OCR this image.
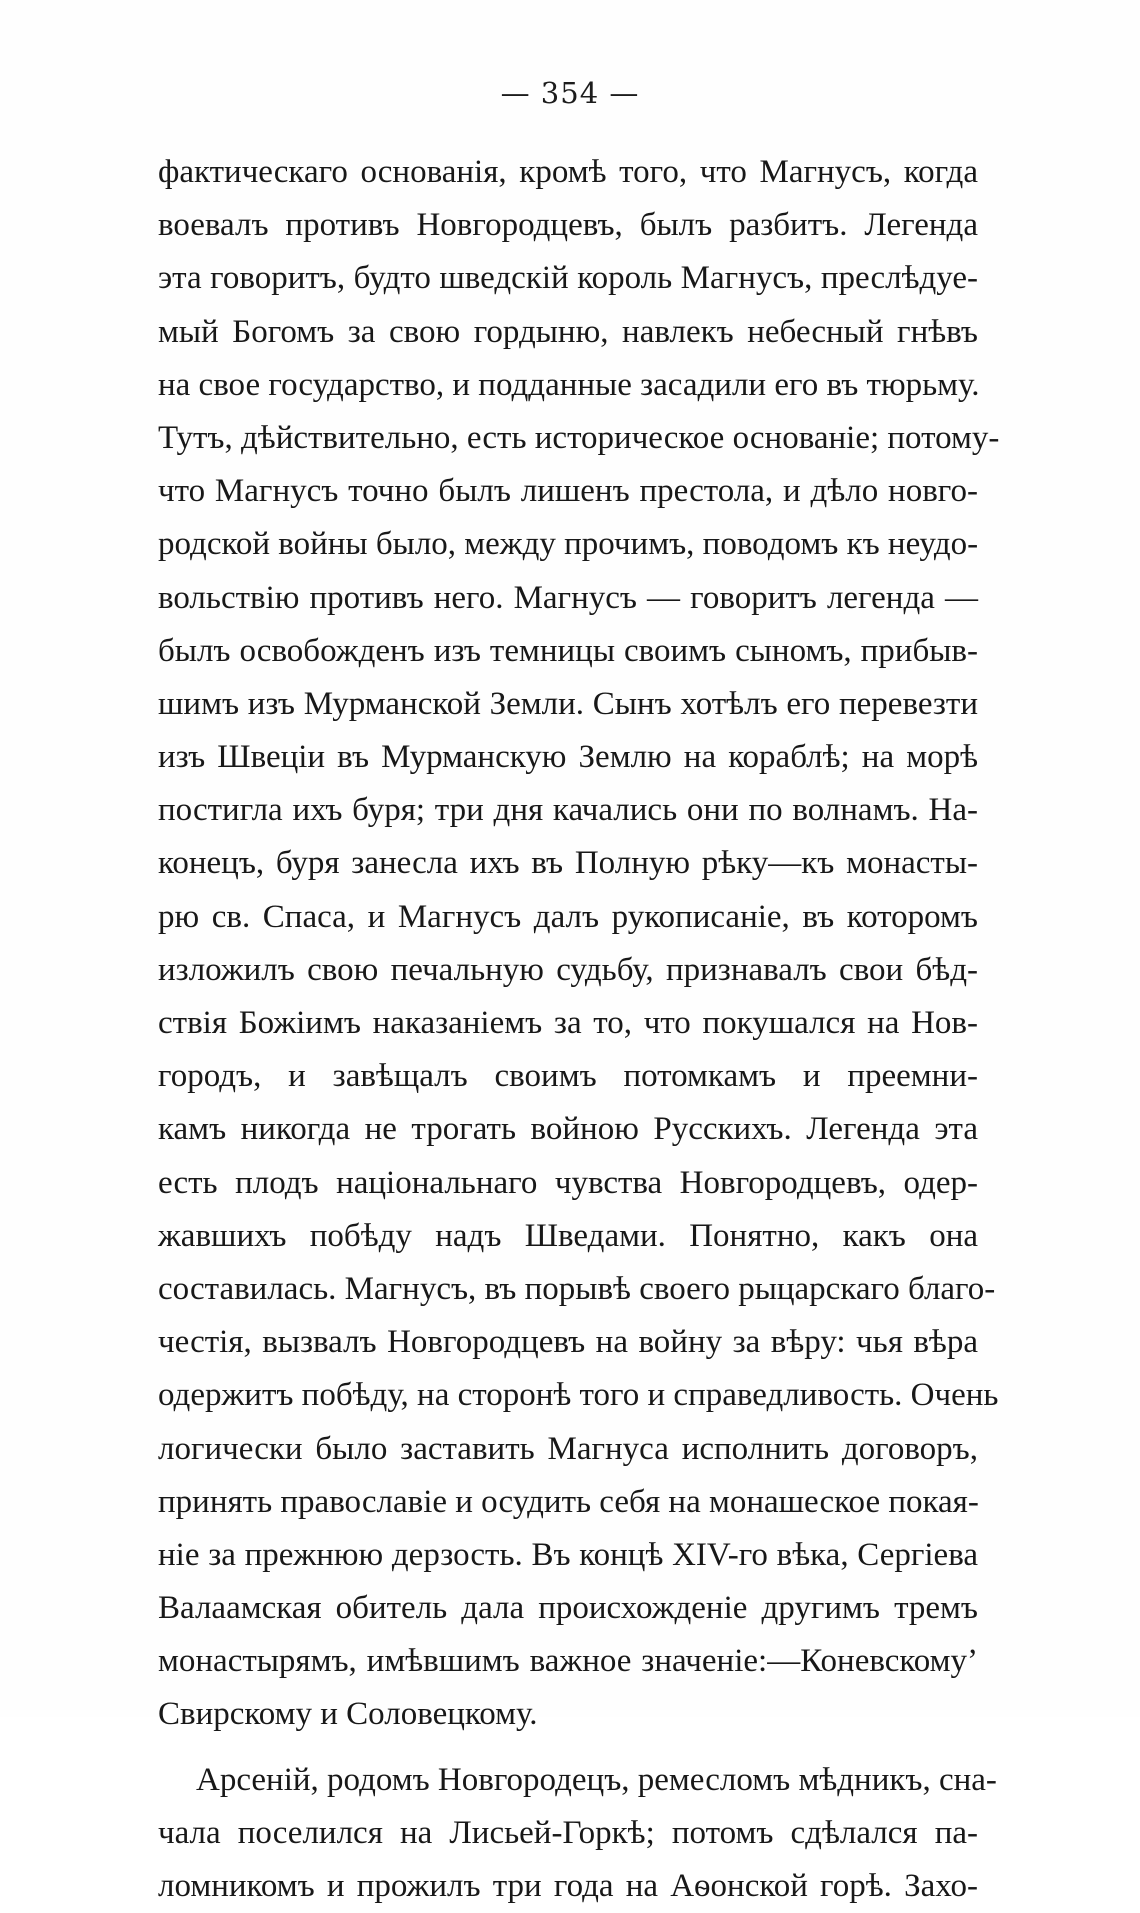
— 354 —
фактическаго основанія, кромѣ того, что Магнусъ, когда
воевалъ противъ Новгородцевъ, былъ разбитъ. Легенда
эта говоритъ, будто шведскій король Магнусъ, преслѣдуе-
мый Богомъ за свою гордыню, навлекъ небесный гнѣвъ
на свое государство, и подданные засадили его въ тюрьму.
Тутъ, дѣйствительно, есть историческое основаніе; потому-
что Магнусъ точно былъ лишенъ престола, и дѣло новго-
родской войны было, между прочимъ, поводомъ къ неудо-
вольствію противъ него. Магнусъ — говоритъ легенда —
былъ освобожденъ изъ темницы своимъ сыномъ, прибыв-
шимъ изъ Мурманской Земли. Сынъ хотѣлъ его перевезти
изъ Швеціи въ Мурманскую Землю на кораблѣ; на морѣ
постигла ихъ буря; три дня качались они по волнамъ. На-
конецъ, буря занесла ихъ въ Полную рѣку—къ монасты-
рю св. Спаса, и Магнусъ далъ рукописаніе, въ которомъ
изложилъ свою печальную судьбу, признавалъ свои бѣд-
ствія Божіимъ наказаніемъ за то, что покушался на Нов-
городъ, и завѣщалъ своимъ потомкамъ и преемни-
камъ никогда не трогать войною Русскихъ. Легенда эта
есть плодъ національнаго чувства Новгородцевъ, одер-
жавшихъ побѣду надъ Шведами. Понятно, какъ она
составилась. Магнусъ, въ порывѣ своего рыцарскаго благо-
честія, вызвалъ Новгородцевъ на войну за вѣру: чья вѣра
одержитъ побѣду, на сторонѣ того и справедливость. Очень
логически было заставить Магнуса исполнить договоръ,
принять православіе и осудить себя на монашеское покая-
ніе за прежнюю дерзость. Въ концѣ XIV-го вѣка, Сергіева
Валаамская обитель дала происхожденіе другимъ тремъ
монастырямъ, имѣвшимъ важное значеніе:—Коневскому’
Свирскому и Соловецкому.
Арсеній, родомъ Новгородецъ, ремесломъ мѣдникъ, сна-
чала поселился на Лисьей-Горкѣ; потомъ сдѣлался па-
ломникомъ и прожилъ три года на Аѳонской горѣ. Захо-
